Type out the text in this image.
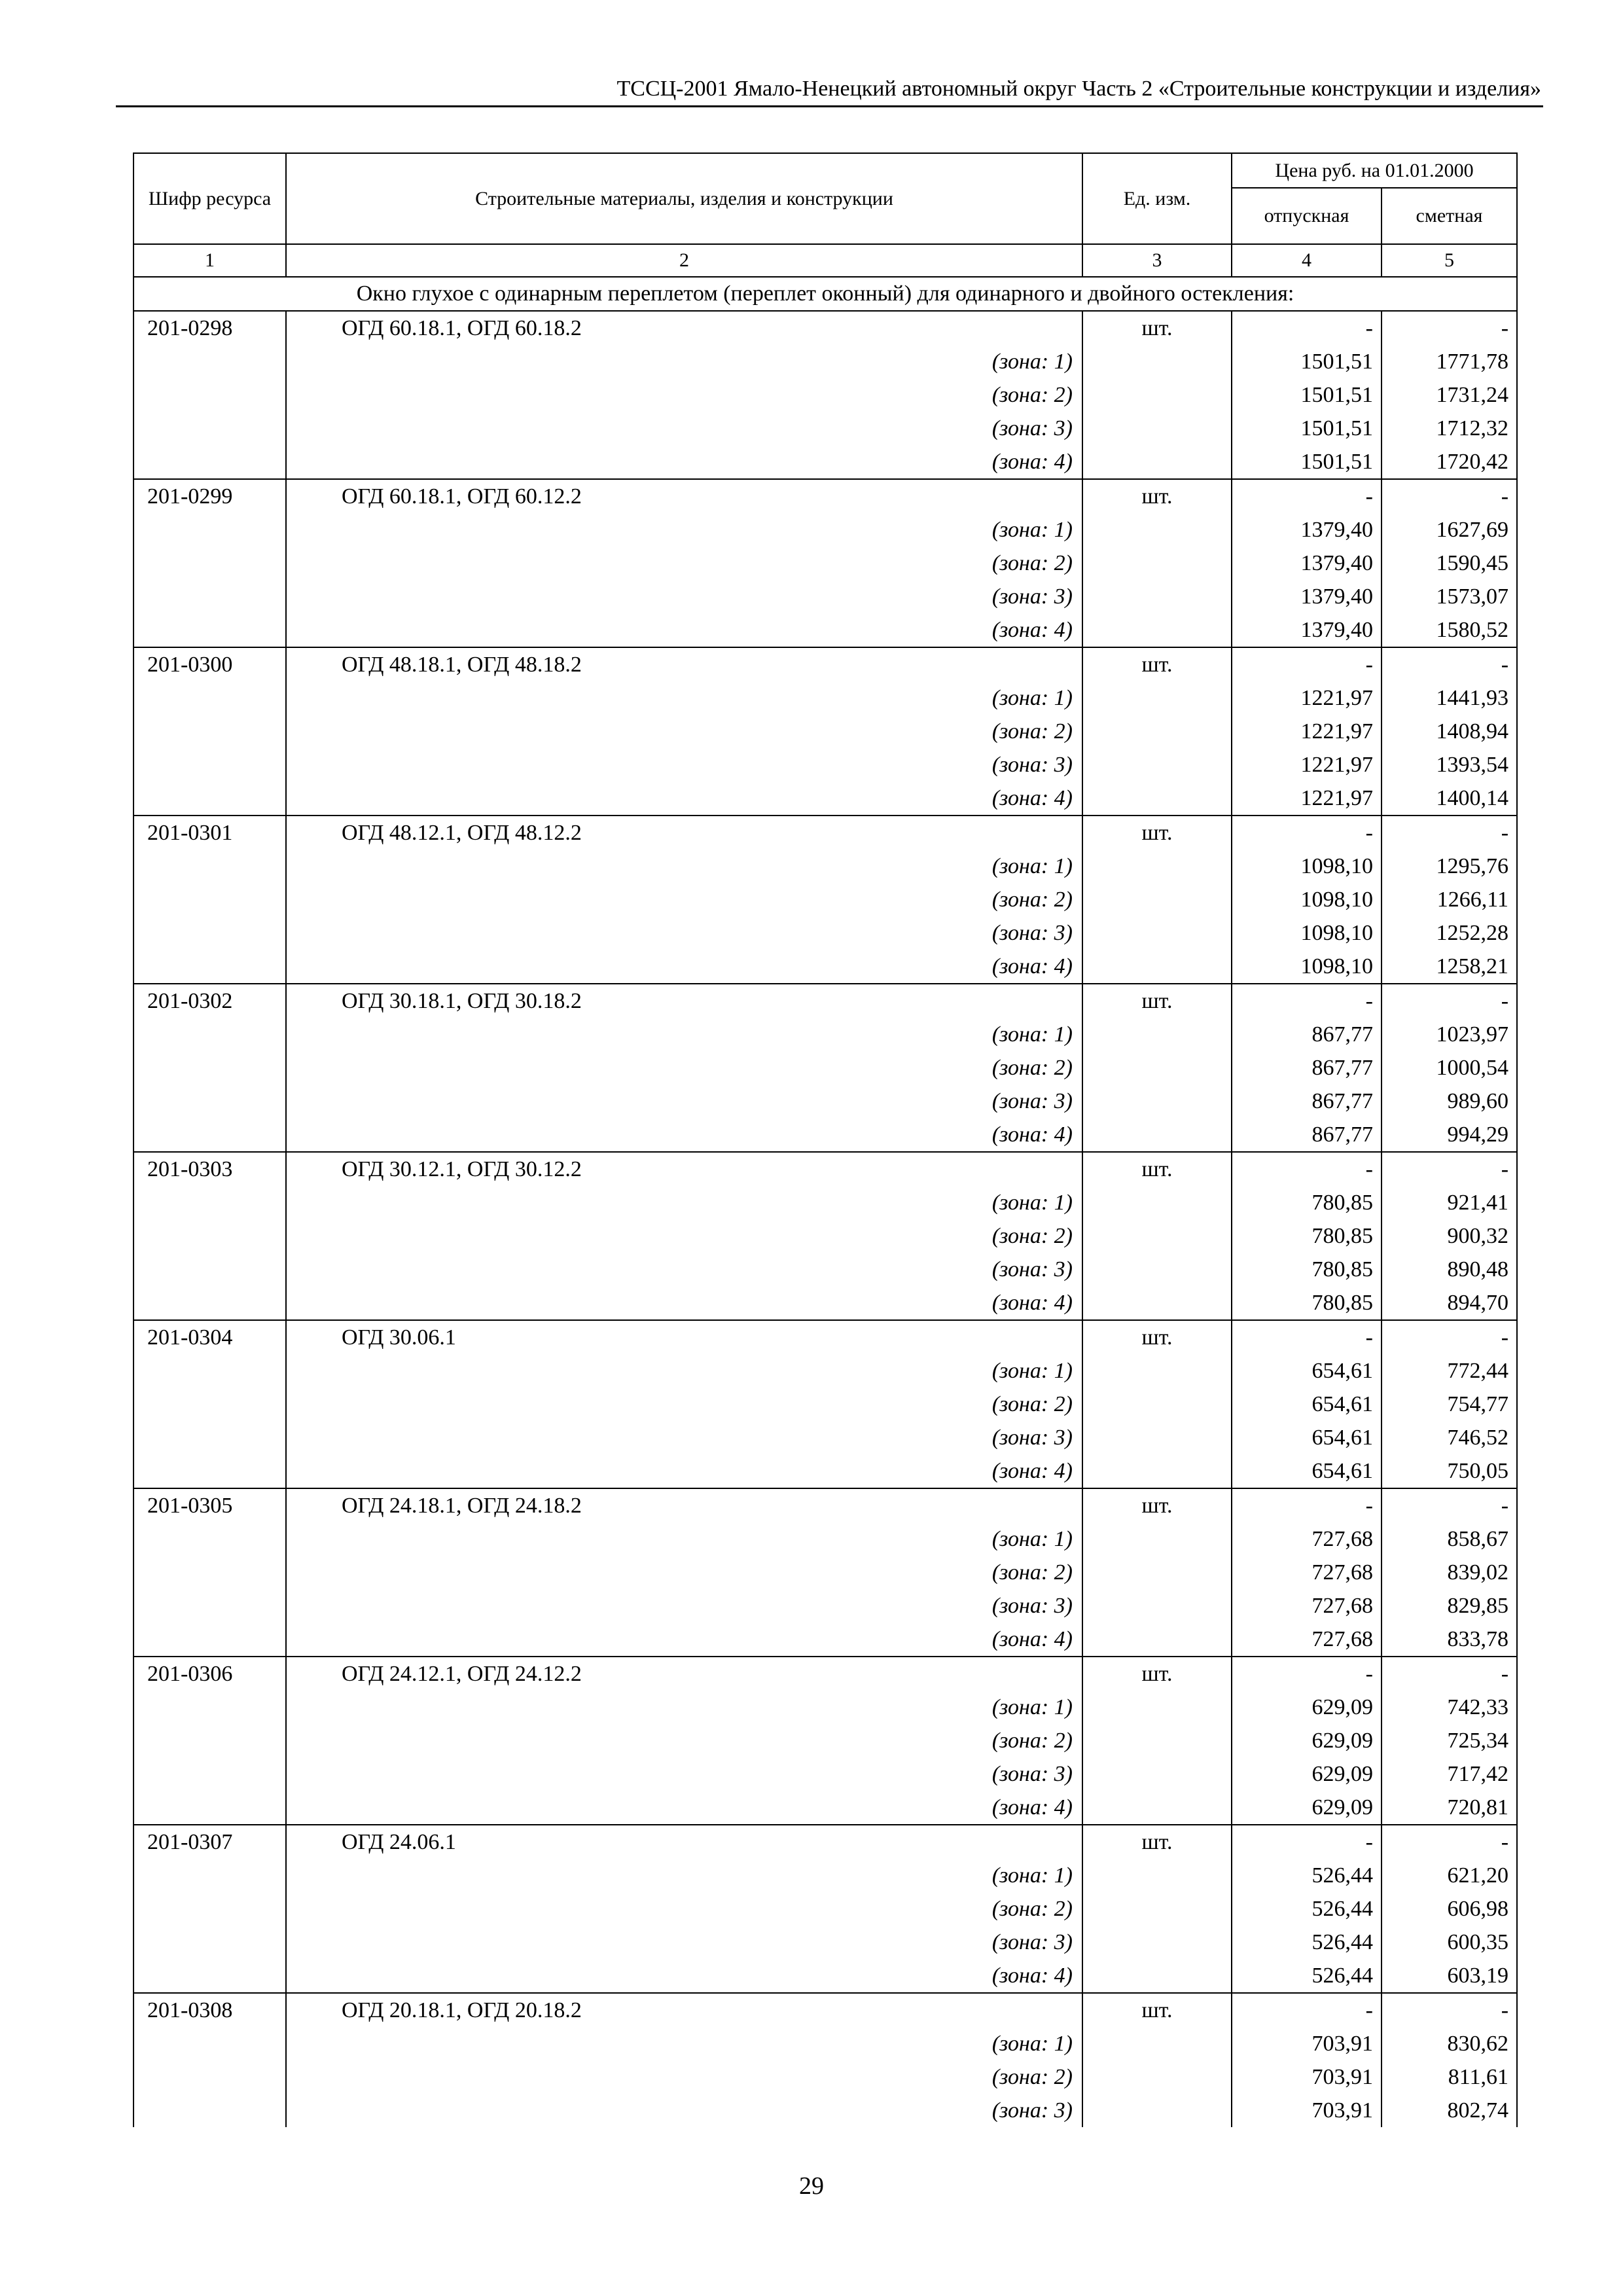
ТССЦ-2001 Ямало-Ненецкий автономный округ Часть 2 «Строительные конструкции и изделия»
Шифр ресурса	Строительные материалы, изделия и конструкции	Ед. изм.	Цена руб. на 01.01.2000	
			отпускная	сметная
1	2	3	4	5
Окно глухое с одинарным переплетом (переплет оконный) для одинарного и двойного остекления:				
201-0298	ОГД 60.18.1, ОГД 60.18.2	шт.	-	-
	(зона: 1)		1501,51	1771,78
	(зона: 2)		1501,51	1731,24
	(зона: 3)		1501,51	1712,32
	(зона: 4)		1501,51	1720,42
201-0299	ОГД 60.18.1, ОГД 60.12.2	шт.	-	-
	(зона: 1)		1379,40	1627,69
	(зона: 2)		1379,40	1590,45
	(зона: 3)		1379,40	1573,07
	(зона: 4)		1379,40	1580,52
201-0300	ОГД 48.18.1, ОГД 48.18.2	шт.	-	-
	(зона: 1)		1221,97	1441,93
	(зона: 2)		1221,97	1408,94
	(зона: 3)		1221,97	1393,54
	(зона: 4)		1221,97	1400,14
201-0301	ОГД 48.12.1, ОГД 48.12.2	шт.	-	-
	(зона: 1)		1098,10	1295,76
	(зона: 2)		1098,10	1266,11
	(зона: 3)		1098,10	1252,28
	(зона: 4)		1098,10	1258,21
201-0302	ОГД 30.18.1, ОГД 30.18.2	шт.	-	-
	(зона: 1)		867,77	1023,97
	(зона: 2)		867,77	1000,54
	(зона: 3)		867,77	989,60
	(зона: 4)		867,77	994,29
201-0303	ОГД 30.12.1, ОГД 30.12.2	шт.	-	-
	(зона: 1)		780,85	921,41
	(зона: 2)		780,85	900,32
	(зона: 3)		780,85	890,48
	(зона: 4)		780,85	894,70
201-0304	ОГД 30.06.1	шт.	-	-
	(зона: 1)		654,61	772,44
	(зона: 2)		654,61	754,77
	(зона: 3)		654,61	746,52
	(зона: 4)		654,61	750,05
201-0305	ОГД 24.18.1, ОГД 24.18.2	шт.	-	-
	(зона: 1)		727,68	858,67
	(зона: 2)		727,68	839,02
	(зона: 3)		727,68	829,85
	(зона: 4)		727,68	833,78
201-0306	ОГД 24.12.1, ОГД 24.12.2	шт.	-	-
	(зона: 1)		629,09	742,33
	(зона: 2)		629,09	725,34
	(зона: 3)		629,09	717,42
	(зона: 4)		629,09	720,81
201-0307	ОГД 24.06.1	шт.	-	-
	(зона: 1)		526,44	621,20
	(зона: 2)		526,44	606,98
	(зона: 3)		526,44	600,35
	(зона: 4)		526,44	603,19
201-0308	ОГД 20.18.1, ОГД 20.18.2	шт.	-	-
	(зона: 1)		703,91	830,62
	(зона: 2)		703,91	811,61
	(зона: 3)		703,91	802,74
29
